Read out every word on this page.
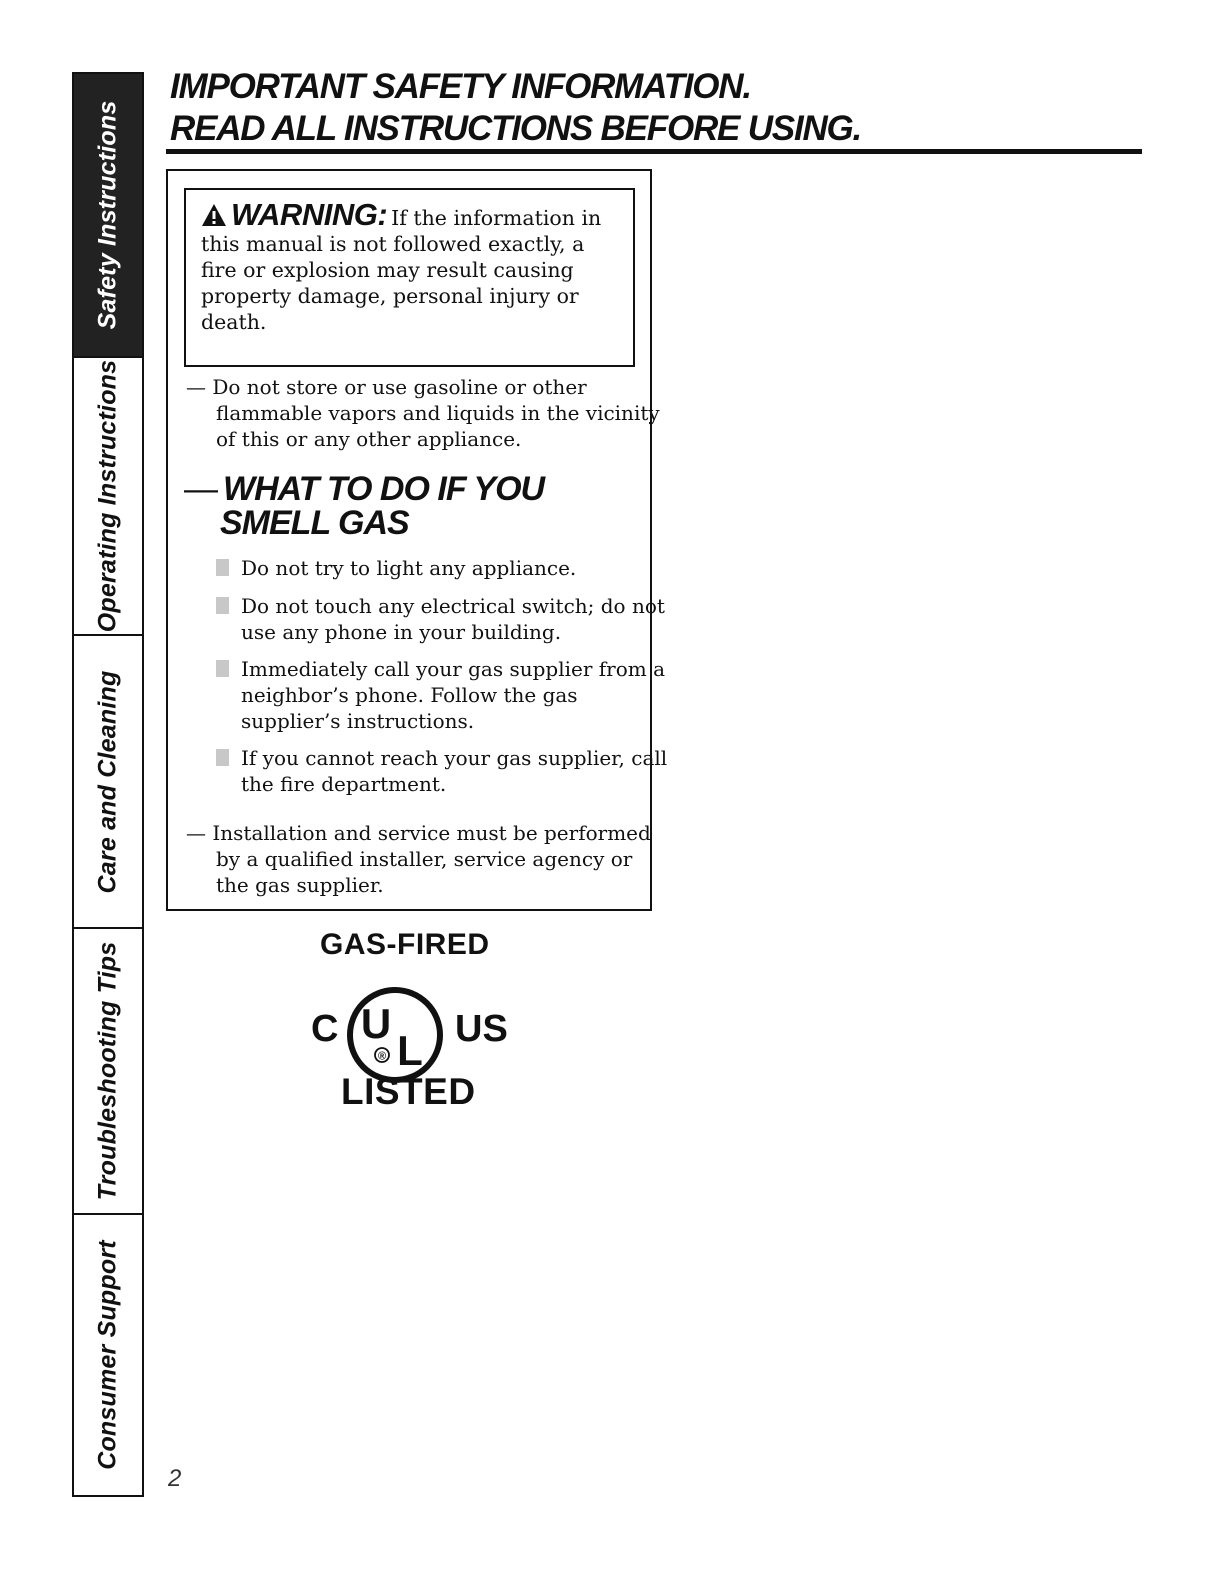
Safety Instructions
Operating Instructions
Care and Cleaning
Troubleshooting Tips
Consumer Support
IMPORTANT SAFETY INFORMATION.
READ ALL INSTRUCTIONS BEFORE USING.

WARNING: If the information in this manual is not followed exactly, a fire or explosion may result causing property damage, personal injury or death.

— Do not store or use gasoline or other flammable vapors and liquids in the vicinity of this or any other appliance.

— WHAT TO DO IF YOU
SMELL GAS

Do not try to light any appliance.

Do not touch any electrical switch; do not use any phone in your building.

Immediately call your gas supplier from a neighbor’s phone. Follow the gas supplier’s instructions.

If you cannot reach your gas supplier, call the fire department.

— Installation and service must be performed by a qualified installer, service agency or the gas supplier.

GAS-FIRED
C U
L
®
US
LISTED
2
